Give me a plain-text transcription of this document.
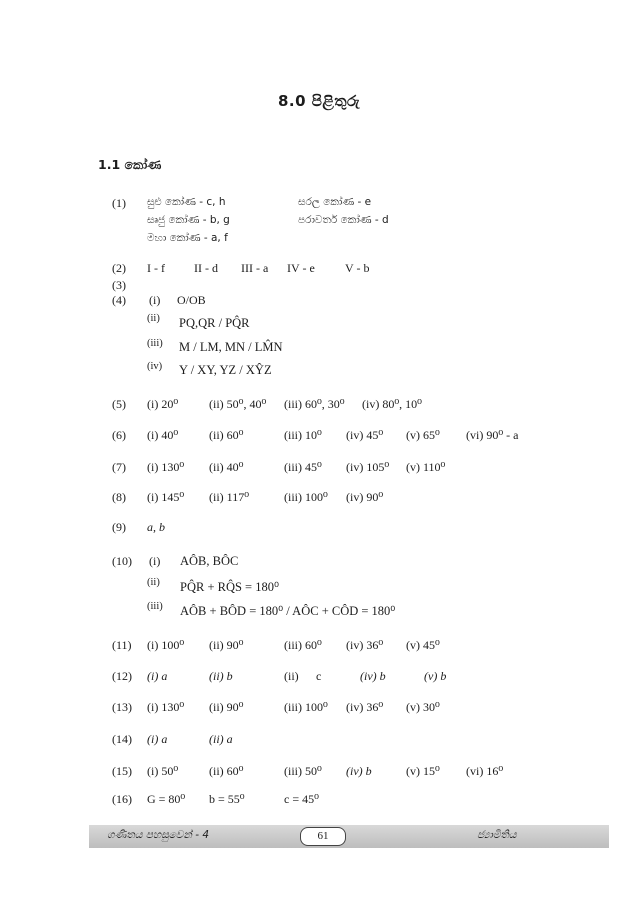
8.0 පිළිතුරු
1.1 කෝණ
(1) සුළු කෝණ - c, h	සරල කෝණ - e
සෘජු කෝණ - b, g	පරාවර්ත කෝණ - d
මහා කෝණ - a, f
(2) I - f II - d III - a IV - e	V - b
(3)
(4) (i) O/OB
(ii) PQ,QR / PQ̂R
(iii) M / LM, MN / LM̂N
(iv) Y / XY, YZ / XŶZ
(5) (i) 20⁰	(ii) 50⁰, 40⁰ (iii) 60⁰, 30⁰ (iv) 80⁰, 10⁰
(6) (i) 40⁰	(ii) 60⁰	(iii) 10⁰ (iv) 45⁰ (v) 65⁰ (vi) 90⁰ - a
(7) (i) 130⁰ (ii) 40⁰	(iii) 45⁰ (iv) 105⁰ (v) 110⁰
(8) (i) 145⁰ (ii) 117⁰	(iii) 100⁰ (iv) 90⁰
(9) a, b
(10) (i) AÔB, BÔC
(ii) PQ̂R + RQ̂S = 180⁰
(iii) AÔB + BÔD = 180⁰ / AÔC + CÔD = 180⁰
(11) (i) 100⁰ (ii) 90⁰	(iii) 60⁰ (iv) 36⁰ (v) 45⁰
(12) (i) a	(ii) b	(ii) c	(iv) b	(v) b
(13) (i) 130⁰ (ii) 90⁰	(iii) 100⁰ (iv) 36⁰ (v) 30⁰
(14) (i) a	(ii) a
(15) (i) 50⁰	(ii) 60⁰	(iii) 50⁰ (iv) b	(v) 15⁰ (vi) 16⁰
(16) G = 80⁰ b = 55⁰	c = 45⁰
ගණිතය පහසුවෙන් - 4	61	ජ්‍යාමිතිය
